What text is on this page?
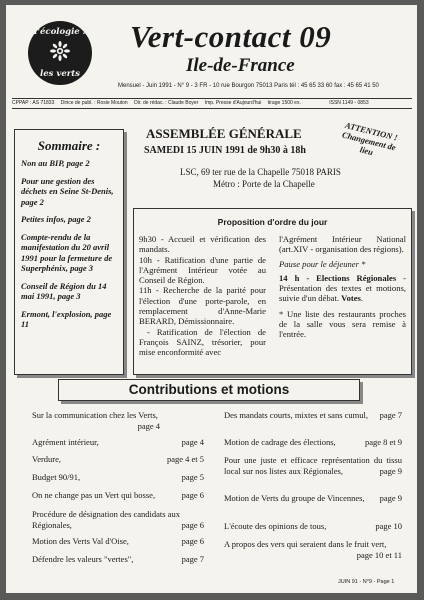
l'écologie :
les verts
Vert-contact 09
Ile-de-France
Mensuel - Juin 1991 - N° 9 - 3 FR - 10 rue Bourgon 75013 Paris tél : 45 65 33 60 fax : 45 65 41 50
CPPAP : AS 71833 Dirice de publ. : Rosie Mouton Dir. de rédac. : Claude Boyer Imp. Presse d'Aujourd'hui tirage 1500 ex.	ISSN 1149 - 0853
Sommaire :
Non au BIP, page 2
Pour une gestion des déchets en Seine St-Denis, page 2
Petites infos, page 2
Compte-rendu de la manifestation du 20 avril 1991 pour la fermeture de Superphénix, page 3
Conseil de Région du 14 mai 1991, page 3
Ermont, l'explosion, page 11
ASSEMBLÉE GÉNÉRALE
SAMEDI 15 JUIN 1991 de 9h30 à 18h
ATTENTION ! Changement de lieu
LSC, 69 ter rue de la Chapelle 75018 PARIS
Métro : Porte de la Chapelle
Proposition d'ordre du jour

9h30 - Accueil et vérification des mandats.

10h - Ratification d'une partie de l'Agrément Intérieur votée au Conseil de Région.

11h - Recherche de la parité pour l'élection d'une porte-parole, en remplacement d'Anne-Marie BERARD, Démissionnaire.

- Ratification de l'élection de François SAINZ, trésorier, pour mise enconformité avec

l'Agrément Intérieur National (art.XIV - organisation des régions).

Pause pour le déjeuner *

14 h - Elections Régionales - Présentation des textes et motions, suivie d'un débat. Votes.

* Une liste des restaurants proches de la salle vous sera remise à l'entrée.

Contributions et motions
Sur la communication chez les Verts,
page 4
Agrément intérieur,	page 4
Verdure,	page 4 et 5
Budget 90/91,	page 5
On ne change pas un Vert qui bosse,	page 6
Procédure de désignation des candidats aux Régionales,	page 6
Motion des Verts Val d'Oise,	page 6
Défendre les valeurs "vertes",	page 7
Des mandats courts, mixtes et sans cumul, page 7
Motion de cadrage des élections,	page 8 et 9
Pour une juste et efficace représentation du tissu local sur nos listes aux Régionales,	page 9
Motion de Verts du groupe de Vincennes, page 9
L'écoute des opinions de tous,	page 10
A propos des vers qui seraient dans le fruit vert,
page 10 et 11
JUIN 91 - N°9 - Page 1
